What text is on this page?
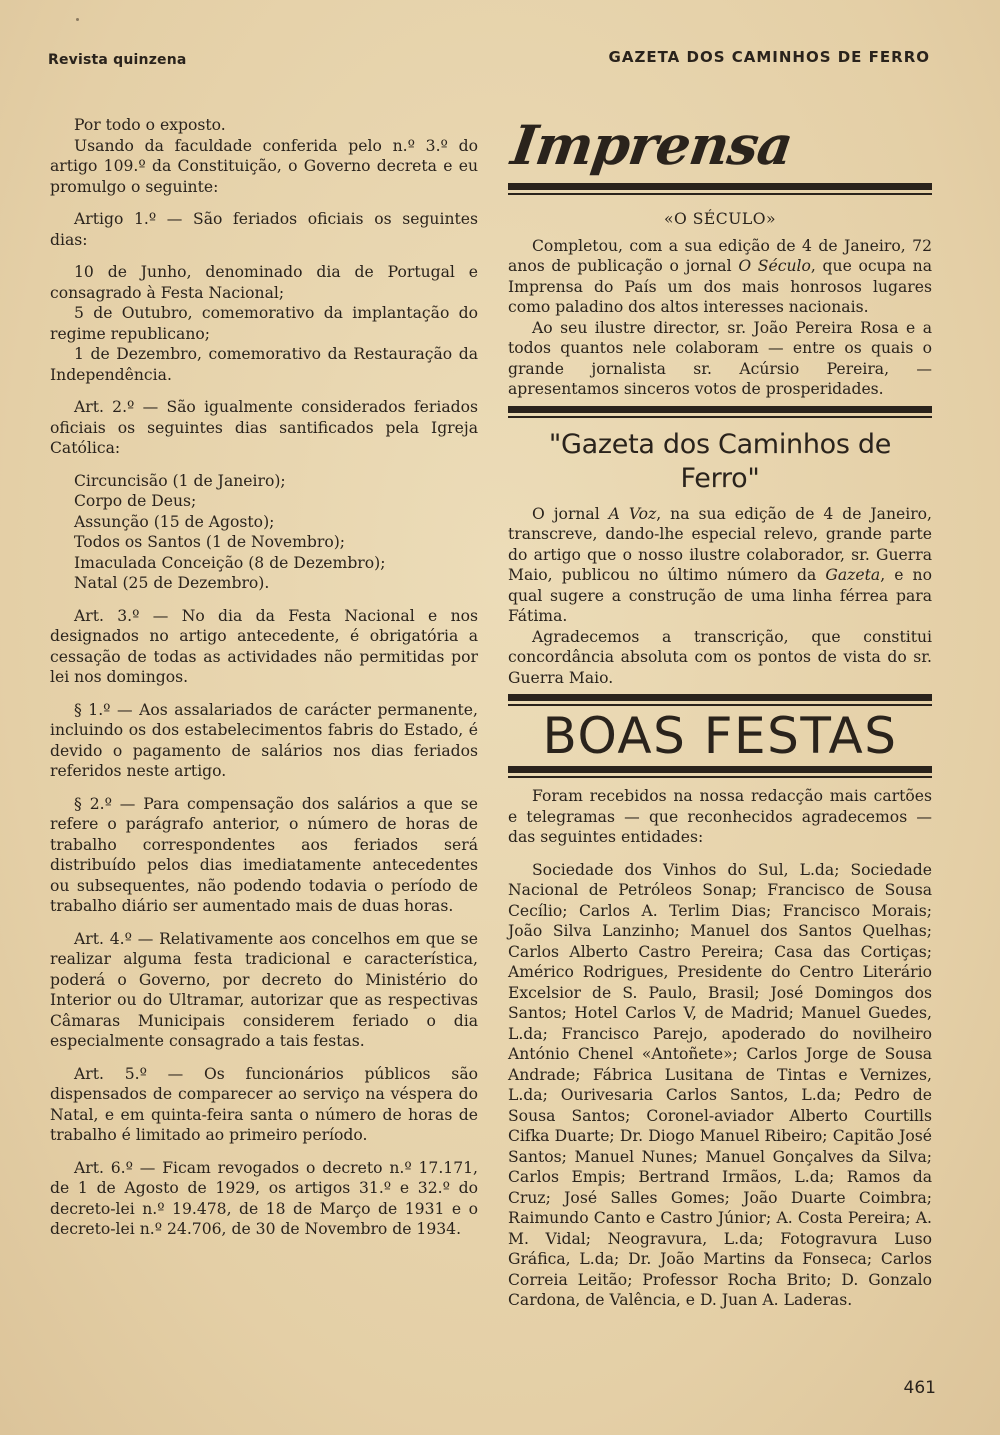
Revista quinzena	GAZETA DOS CAMINHOS DE FERRO

Por todo o exposto.

Usando da faculdade conferida pelo n.º 3.º do artigo 109.º da Constituição, o Governo decreta e eu promulgo o seguinte:

Artigo 1.º — São feriados oficiais os seguintes dias:

10 de Junho, denominado dia de Portugal e consagrado à Festa Nacional;

5 de Outubro, comemorativo da implantação do regime republicano;

1 de Dezembro, comemorativo da Restauração da Independência.

Art. 2.º — São igualmente considerados feriados oficiais os seguintes dias santificados pela Igreja Católica:

Circuncisão (1 de Janeiro);

Corpo de Deus;

Assunção (15 de Agosto);

Todos os Santos (1 de Novembro);

Imaculada Conceição (8 de Dezembro);

Natal (25 de Dezembro).

Art. 3.º — No dia da Festa Nacional e nos designados no artigo antecedente, é obrigatória a cessação de todas as actividades não permitidas por lei nos domingos.

§ 1.º — Aos assalariados de carácter permanente, incluindo os dos estabelecimentos fabris do Estado, é devido o pagamento de salários nos dias feriados referidos neste artigo.

§ 2.º — Para compensação dos salários a que se refere o parágrafo anterior, o número de horas de trabalho correspondentes aos feriados será distribuído pelos dias imediatamente antecedentes ou subsequentes, não podendo todavia o período de trabalho diário ser aumentado mais de duas horas.

Art. 4.º — Relativamente aos concelhos em que se realizar alguma festa tradicional e característica, poderá o Governo, por decreto do Ministério do Interior ou do Ultramar, autorizar que as respectivas Câmaras Municipais considerem feriado o dia especialmente consagrado a tais festas.

Art. 5.º — Os funcionários públicos são dispensados de comparecer ao serviço na véspera do Natal, e em quinta-feira santa o número de horas de trabalho é limitado ao primeiro período.

Art. 6.º — Ficam revogados o decreto n.º 17.171, de 1 de Agosto de 1929, os artigos 31.º e 32.º do decreto-lei n.º 19.478, de 18 de Março de 1931 e o decreto-lei n.º 24.706, de 30 de Novembro de 1934.

Imprensa
«O SÉCULO»

Completou, com a sua edição de 4 de Janeiro, 72 anos de publicação o jornal O Século, que ocupa na Imprensa do País um dos mais honrosos lugares como paladino dos altos interesses nacionais.

Ao seu ilustre director, sr. João Pereira Rosa e a todos quantos nele colaboram — entre os quais o grande jornalista sr. Acúrsio Pereira, — apresentamos sinceros votos de prosperidades.

"Gazeta dos Caminhos de Ferro"

O jornal A Voz, na sua edição de 4 de Janeiro, transcreve, dando-lhe especial relevo, grande parte do artigo que o nosso ilustre colaborador, sr. Guerra Maio, publicou no último número da Gazeta, e no qual sugere a construção de uma linha férrea para Fátima.

Agradecemos a transcrição, que constitui concordância absoluta com os pontos de vista do sr. Guerra Maio.

BOAS FESTAS

Foram recebidos na nossa redacção mais cartões e telegramas — que reconhecidos agradecemos — das seguintes entidades:

Sociedade dos Vinhos do Sul, L.da; Sociedade Nacional de Petróleos Sonap; Francisco de Sousa Cecílio; Carlos A. Terlim Dias; Francisco Morais; João Silva Lanzinho; Manuel dos Santos Quelhas; Carlos Alberto Castro Pereira; Casa das Cortiças; Américo Rodrigues, Presidente do Centro Literário Excelsior de S. Paulo, Brasil; José Domingos dos Santos; Hotel Carlos V, de Madrid; Manuel Guedes, L.da; Francisco Parejo, apoderado do novilheiro António Chenel «Antoñete»; Carlos Jorge de Sousa Andrade; Fábrica Lusitana de Tintas e Vernizes, L.da; Ourivesaria Carlos Santos, L.da; Pedro de Sousa Santos; Coronel-aviador Alberto Courtills Cifka Duarte; Dr. Diogo Manuel Ribeiro; Capitão José Santos; Manuel Nunes; Manuel Gonçalves da Silva; Carlos Empis; Bertrand Irmãos, L.da; Ramos da Cruz; José Salles Gomes; João Duarte Coimbra; Raimundo Canto e Castro Júnior; A. Costa Pereira; A. M. Vidal; Neogravura, L.da; Fotogravura Luso Gráfica, L.da; Dr. João Martins da Fonseca; Carlos Correia Leitão; Professor Rocha Brito; D. Gonzalo Cardona, de Valência, e D. Juan A. Laderas.

461
